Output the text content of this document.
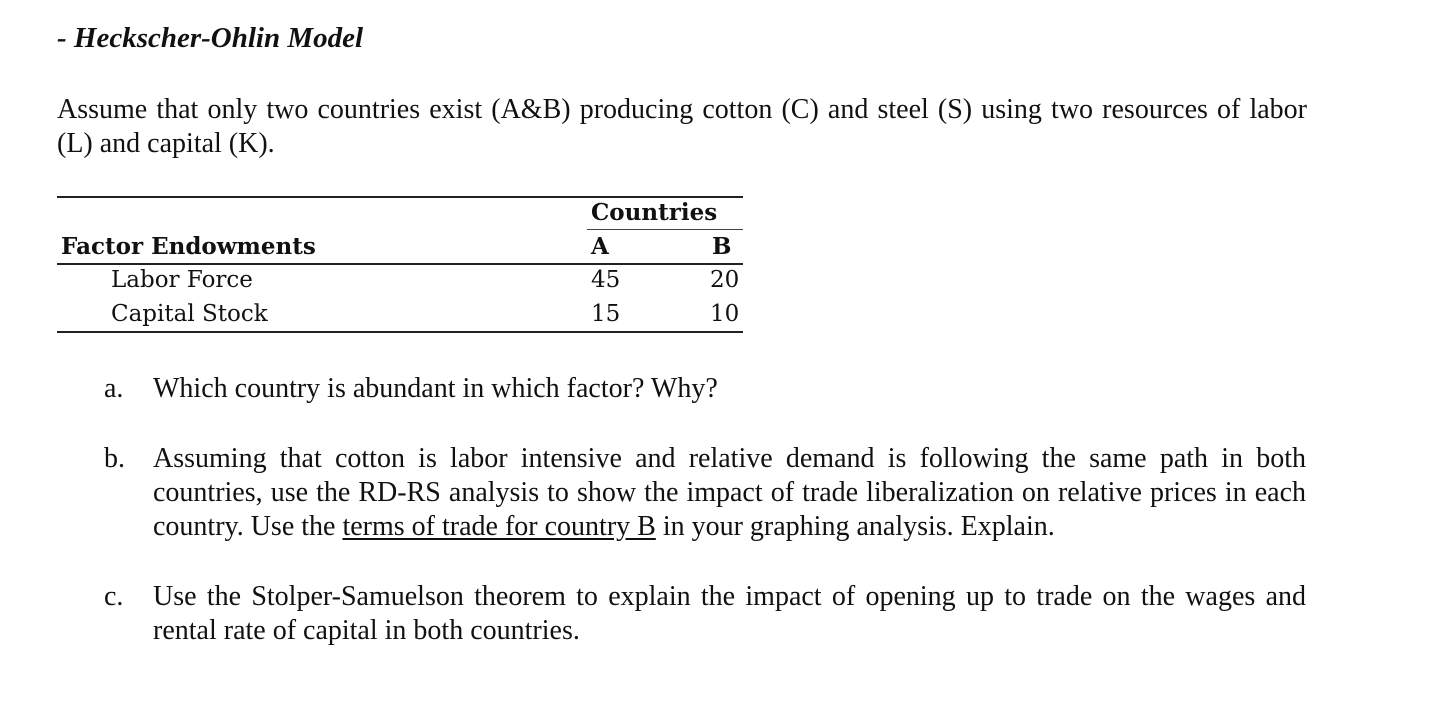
- Heckscher-Ohlin Model

Assume that only two countries exist (A&B) producing cotton (C) and steel (S) using two resources of labor (L) and capital (K).

Countries
Factor Endowments	A	B
Labor Force	45	20
Capital Stock	15	10
a. Which country is abundant in which factor? Why?
b. Assuming that cotton is labor intensive and relative demand is following the same path in both countries, use the RD-RS analysis to show the impact of trade liberalization on relative prices in each country. Use the terms of trade for country B in your graphing analysis. Explain.
c. Use the Stolper-Samuelson theorem to explain the impact of opening up to trade on the wages and rental rate of capital in both countries.
